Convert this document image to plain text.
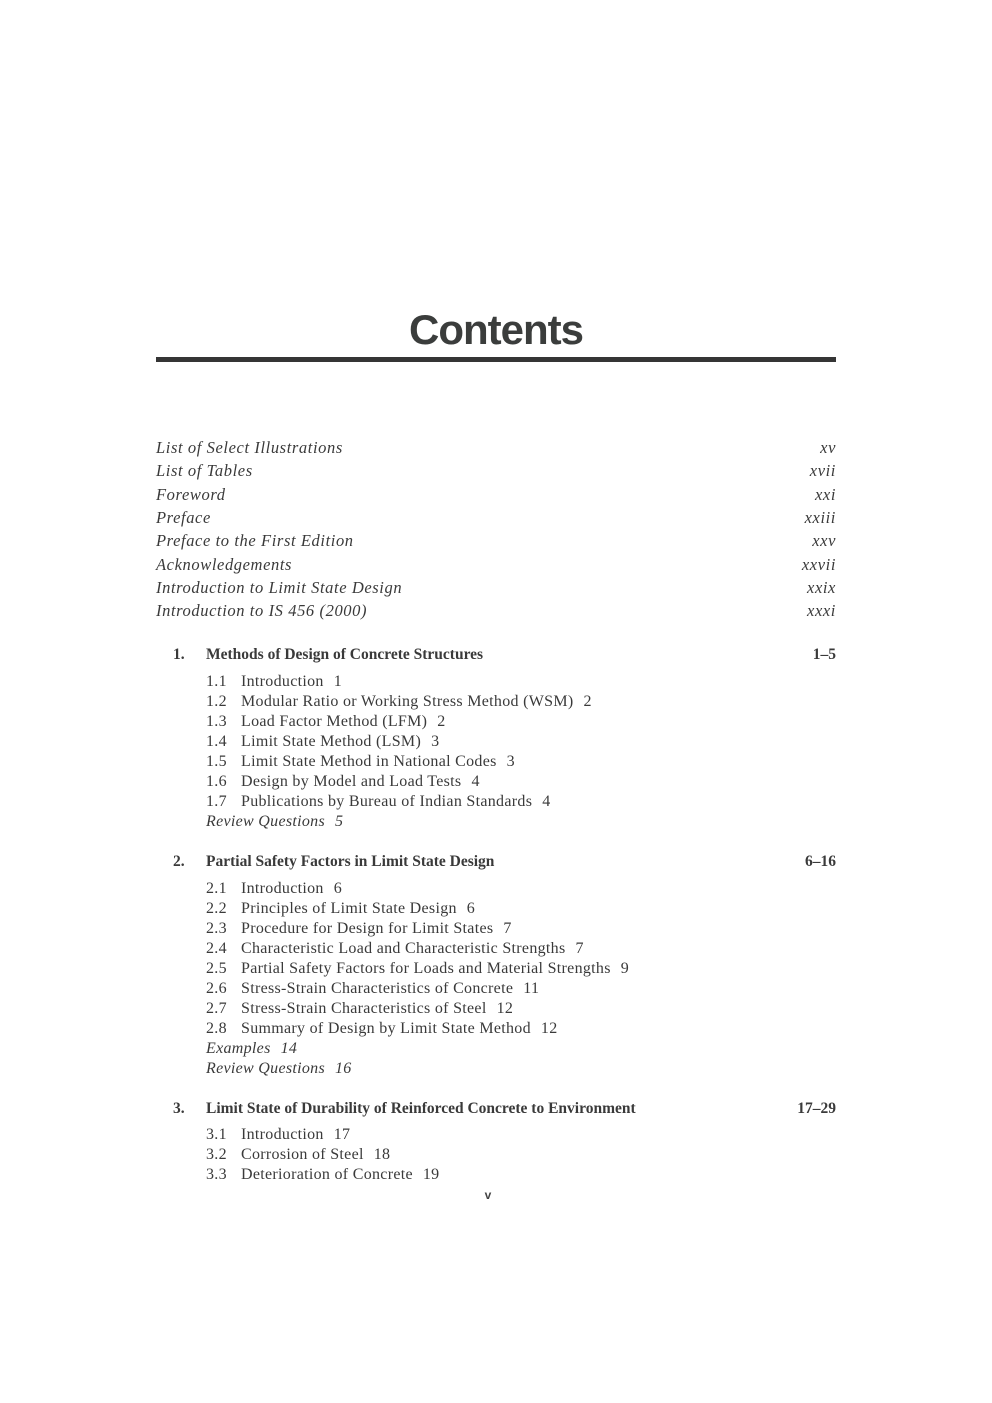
Contents
List of Select Illustrations	xv
List of Tables	xvii
Foreword	xxi
Preface	xxiii
Preface to the First Edition	xxv
Acknowledgements	xxvii
Introduction to Limit State Design	xxix
Introduction to IS 456 (2000)	xxxi
1. Methods of Design of Concrete Structures	1–5
1.1 Introduction 1
1.2 Modular Ratio or Working Stress Method (WSM) 2
1.3 Load Factor Method (LFM) 2
1.4 Limit State Method (LSM) 3
1.5 Limit State Method in National Codes 3
1.6 Design by Model and Load Tests 4
1.7 Publications by Bureau of Indian Standards 4
Review Questions 5
2. Partial Safety Factors in Limit State Design	6–16
2.1 Introduction 6
2.2 Principles of Limit State Design 6
2.3 Procedure for Design for Limit States 7
2.4 Characteristic Load and Characteristic Strengths 7
2.5 Partial Safety Factors for Loads and Material Strengths 9
2.6 Stress-Strain Characteristics of Concrete 11
2.7 Stress-Strain Characteristics of Steel 12
2.8 Summary of Design by Limit State Method 12
Examples 14
Review Questions 16
3. Limit State of Durability of Reinforced Concrete to Environment	17–29
3.1 Introduction 17
3.2 Corrosion of Steel 18
3.3 Deterioration of Concrete 19
v
